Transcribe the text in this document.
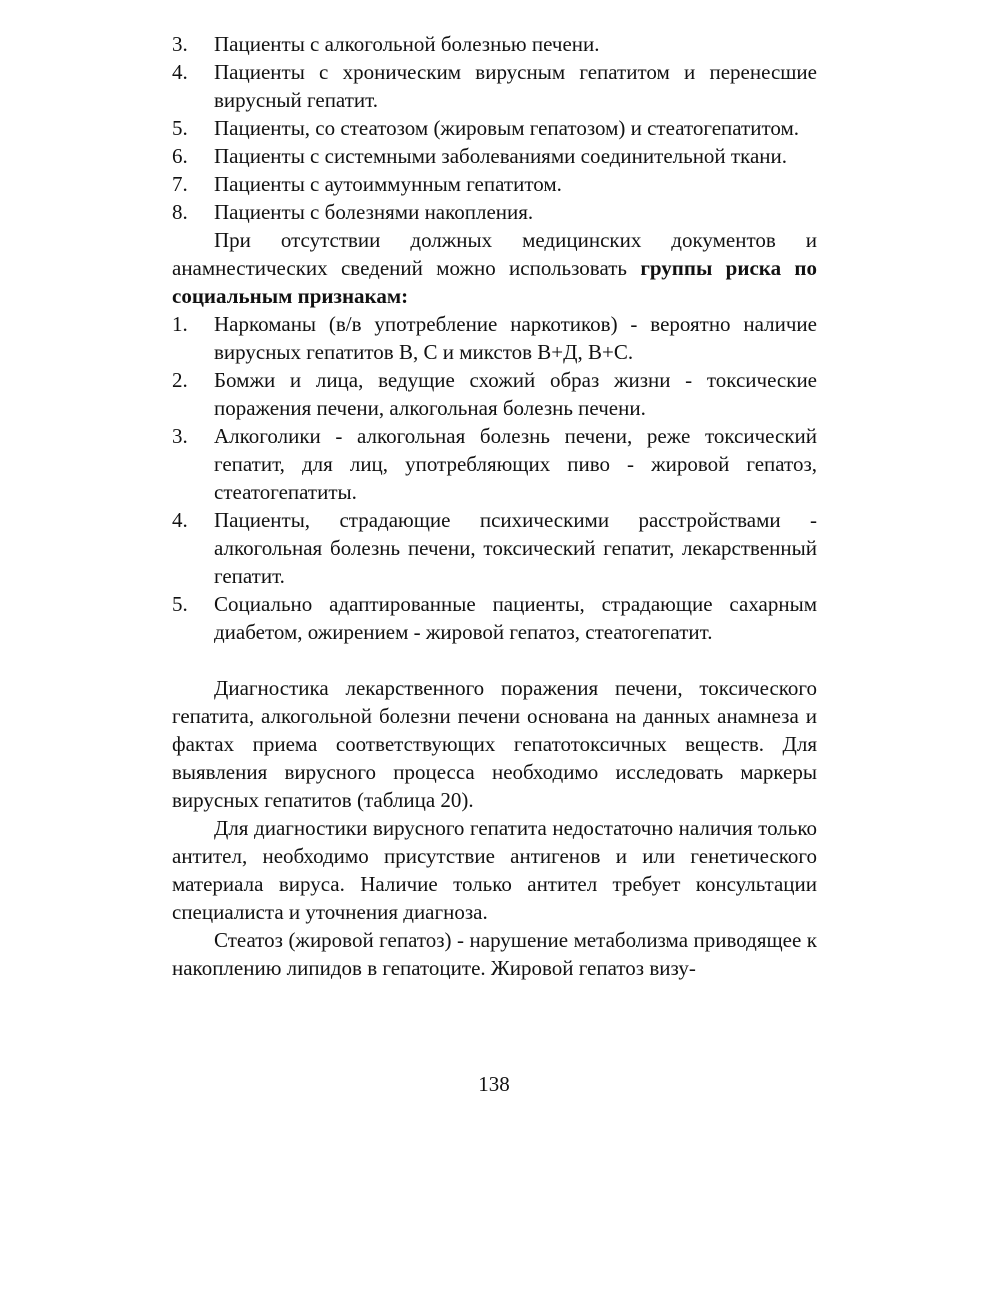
3.	Пациенты с алкогольной болезнью печени.
4.	Пациенты с хроническим вирусным гепатитом и перенесшие вирусный гепатит.
5.	Пациенты, со стеатозом (жировым гепатозом) и стеатогепатитом.
6.	Пациенты с системными заболеваниями соединительной ткани.
7.	Пациенты с аутоиммунным гепатитом.
8.	Пациенты с болезнями накопления.

При отсутствии должных медицинских документов и анамнестических сведений можно использовать группы риска по социальным признакам:

1.	Наркоманы (в/в употребление наркотиков) - вероятно наличие вирусных гепатитов В, С и микстов В+Д, В+С.
2.	Бомжи и лица, ведущие схожий образ жизни - токсические поражения печени, алкогольная болезнь печени.
3.	Алкоголики - алкогольная болезнь печени, реже токсический гепатит, для лиц, употребляющих пиво - жировой гепатоз, стеатогепатиты.
4.	Пациенты, страдающие психическими расстройствами - алкогольная болезнь печени, токсический гепатит, лекарственный гепатит.
5.	Социально адаптированные пациенты, страдающие сахарным диабетом, ожирением - жировой гепатоз, стеатогепатит.

Диагностика лекарственного поражения печени, токсического гепатита, алкогольной болезни печени основана на данных анамнеза и фактах приема соответствующих гепатотоксичных веществ. Для выявления вирусного процесса необходимо исследовать маркеры вирусных гепатитов (таблица 20).

Для диагностики вирусного гепатита недостаточно наличия только антител, необходимо присутствие антигенов и или генетического материала вируса. Наличие только антител требует консультации специалиста и уточнения диагноза.

Стеатоз (жировой гепатоз) - нарушение метаболизма приводящее к накоплению липидов в гепатоците. Жировой гепатоз визу-

138
